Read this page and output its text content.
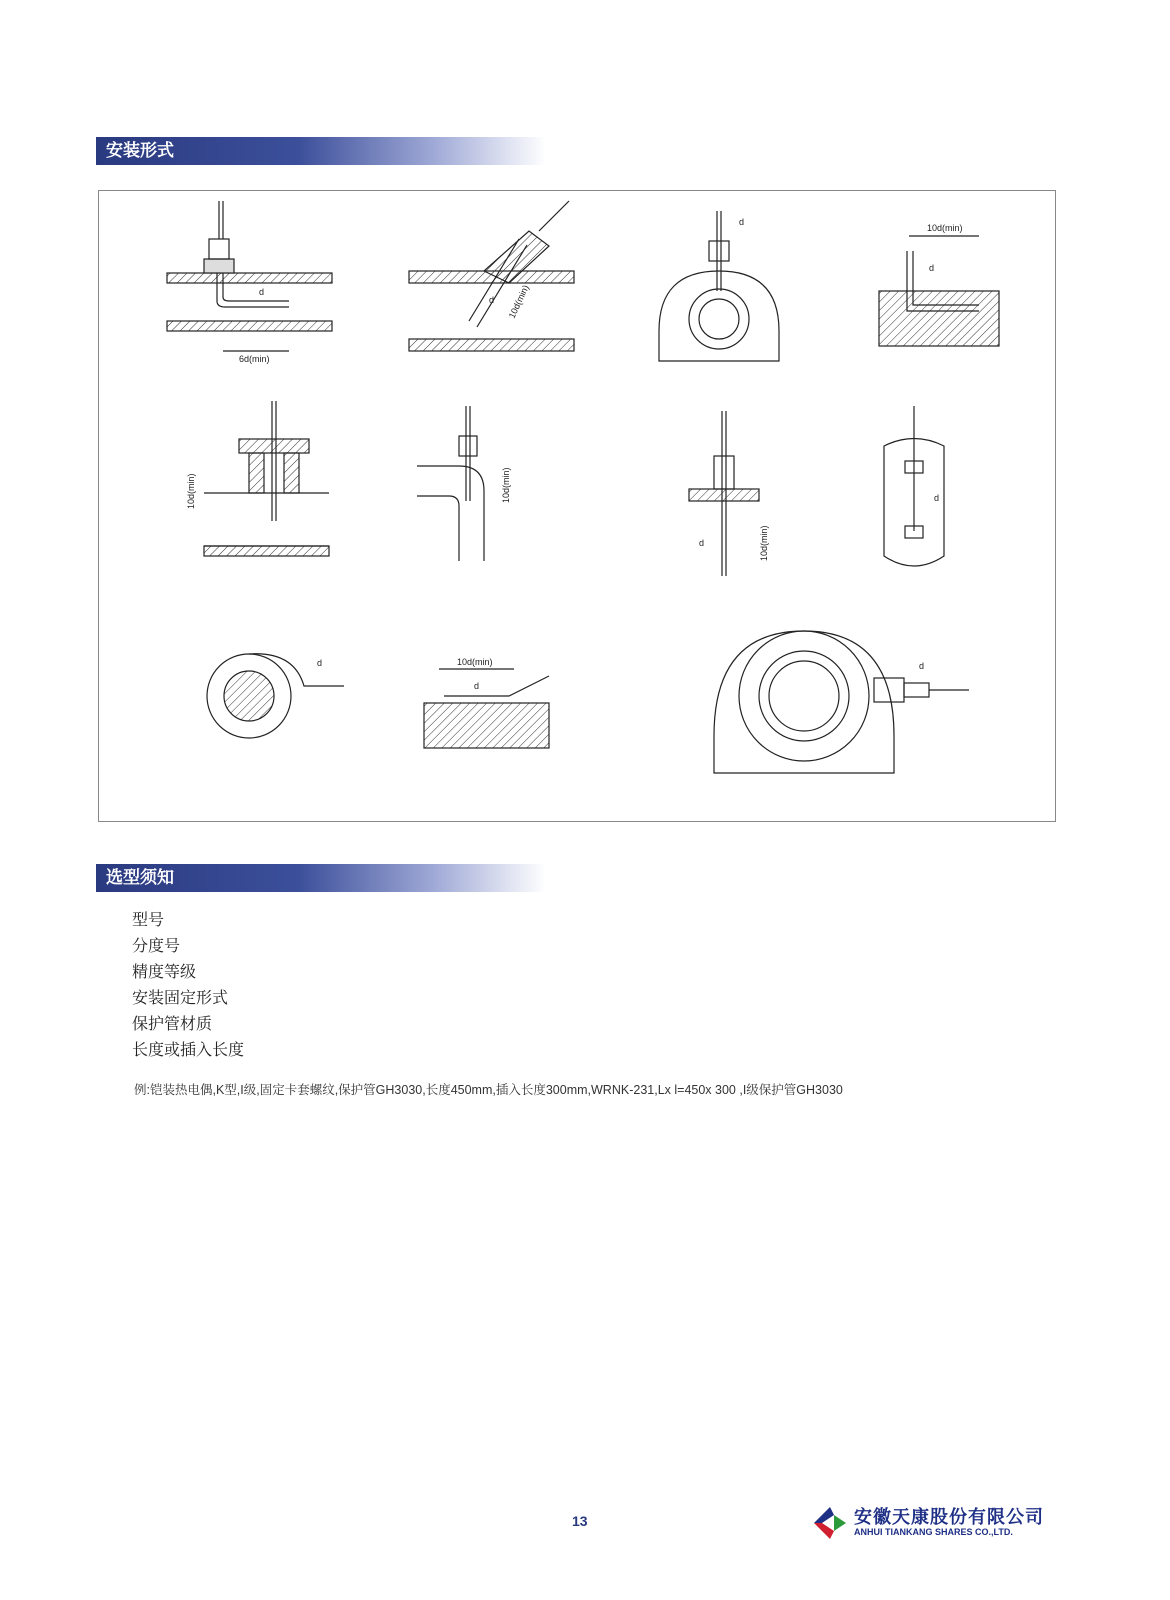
安装形式
6d(min)
d	10d(min)
d
d
10d(min)
d
10d(min)	10d(min)
10d(min)
d
d
d	10d(min)
d
d
选型须知
型号
分度号
精度等级
安装固定形式
保护管材质
长度或插入长度
例:铠装热电偶,K型,I级,固定卡套螺纹,保护管GH3030,长度450mm,插入长度300mm,WRNK-231,Lx l=450x 300 ,I级保护管GH3030
13	安徽天康股份有限公司
ANHUI TIANKANG SHARES CO.,LTD.
